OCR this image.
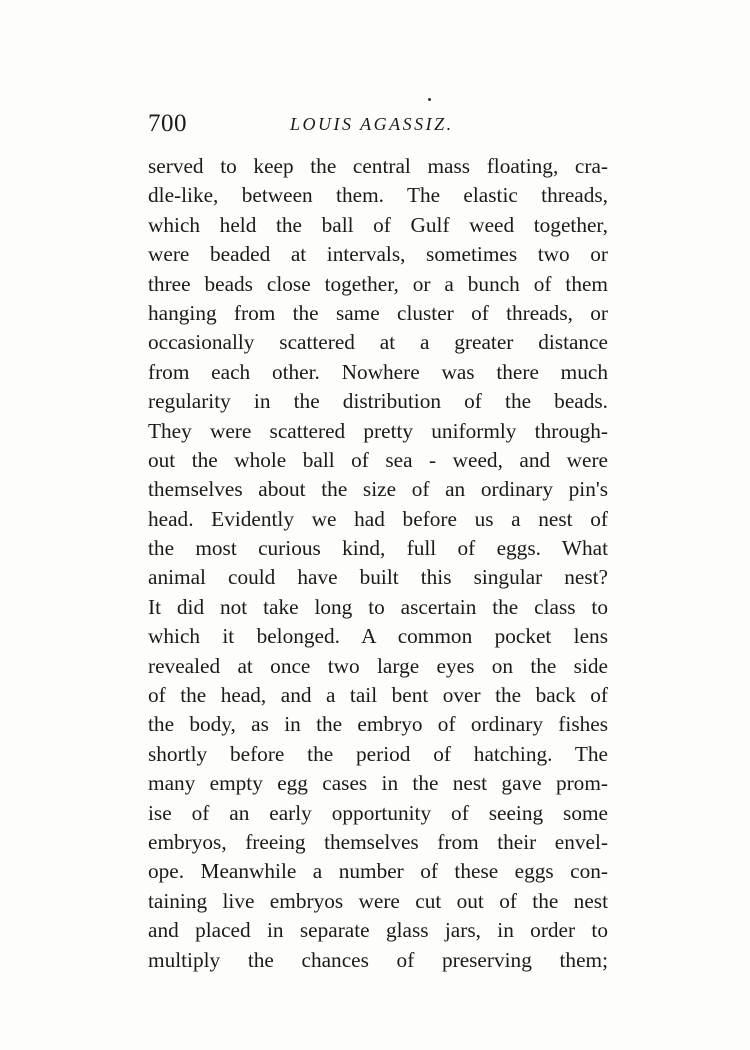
700	LOUIS AGASSIZ.
served to keep the central mass floating, cra-
dle-like, between them. The elastic threads,
which held the ball of Gulf weed together,
were beaded at intervals, sometimes two or
three beads close together, or a bunch of them
hanging from the same cluster of threads, or
occasionally scattered at a greater distance
from each other. Nowhere was there much
regularity in the distribution of the beads.
They were scattered pretty uniformly through-
out the whole ball of sea - weed, and were
themselves about the size of an ordinary pin's
head. Evidently we had before us a nest of
the most curious kind, full of eggs. What
animal could have built this singular nest?
It did not take long to ascertain the class to
which it belonged. A common pocket lens
revealed at once two large eyes on the side
of the head, and a tail bent over the back of
the body, as in the embryo of ordinary fishes
shortly before the period of hatching. The
many empty egg cases in the nest gave prom-
ise of an early opportunity of seeing some
embryos, freeing themselves from their envel-
ope. Meanwhile a number of these eggs con-
taining live embryos were cut out of the nest
and placed in separate glass jars, in order to
multiply the chances of preserving them;
